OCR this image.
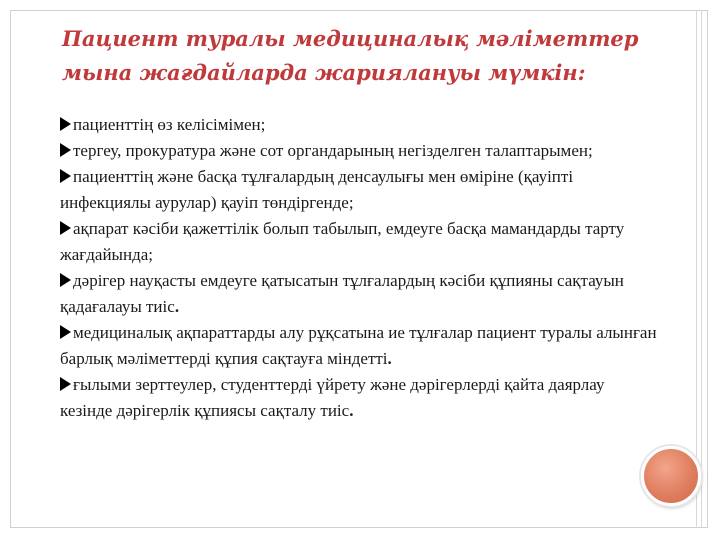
Пациент туралы медициналық мәліметтер мына жағдайларда жариялануы мүмкін:
пациенттің өз келісімімен;
тергеу, прокуратура және сот органдарының негізделген талаптарымен;
пациенттің және басқа тұлғалардың денсаулығы мен өміріне (қауіпті инфекциялы аурулар) қауіп төндіргенде;
ақпарат кәсіби қажеттілік болып табылып, емдеуге басқа мамандарды тарту жағдайында;
дәрігер науқасты емдеуге қатысатын тұлғалардың кәсіби құпияны сақтауын қадағалауы тиіс.
медициналық ақпараттарды алу рұқсатына ие тұлғалар пациент туралы алынған барлық мәліметтерді құпия сақтауға міндетті.
ғылыми зерттеулер, студенттерді үйрету және дәрігерлерді қайта даярлау кезінде дәрігерлік құпиясы сақталу тиіс.
